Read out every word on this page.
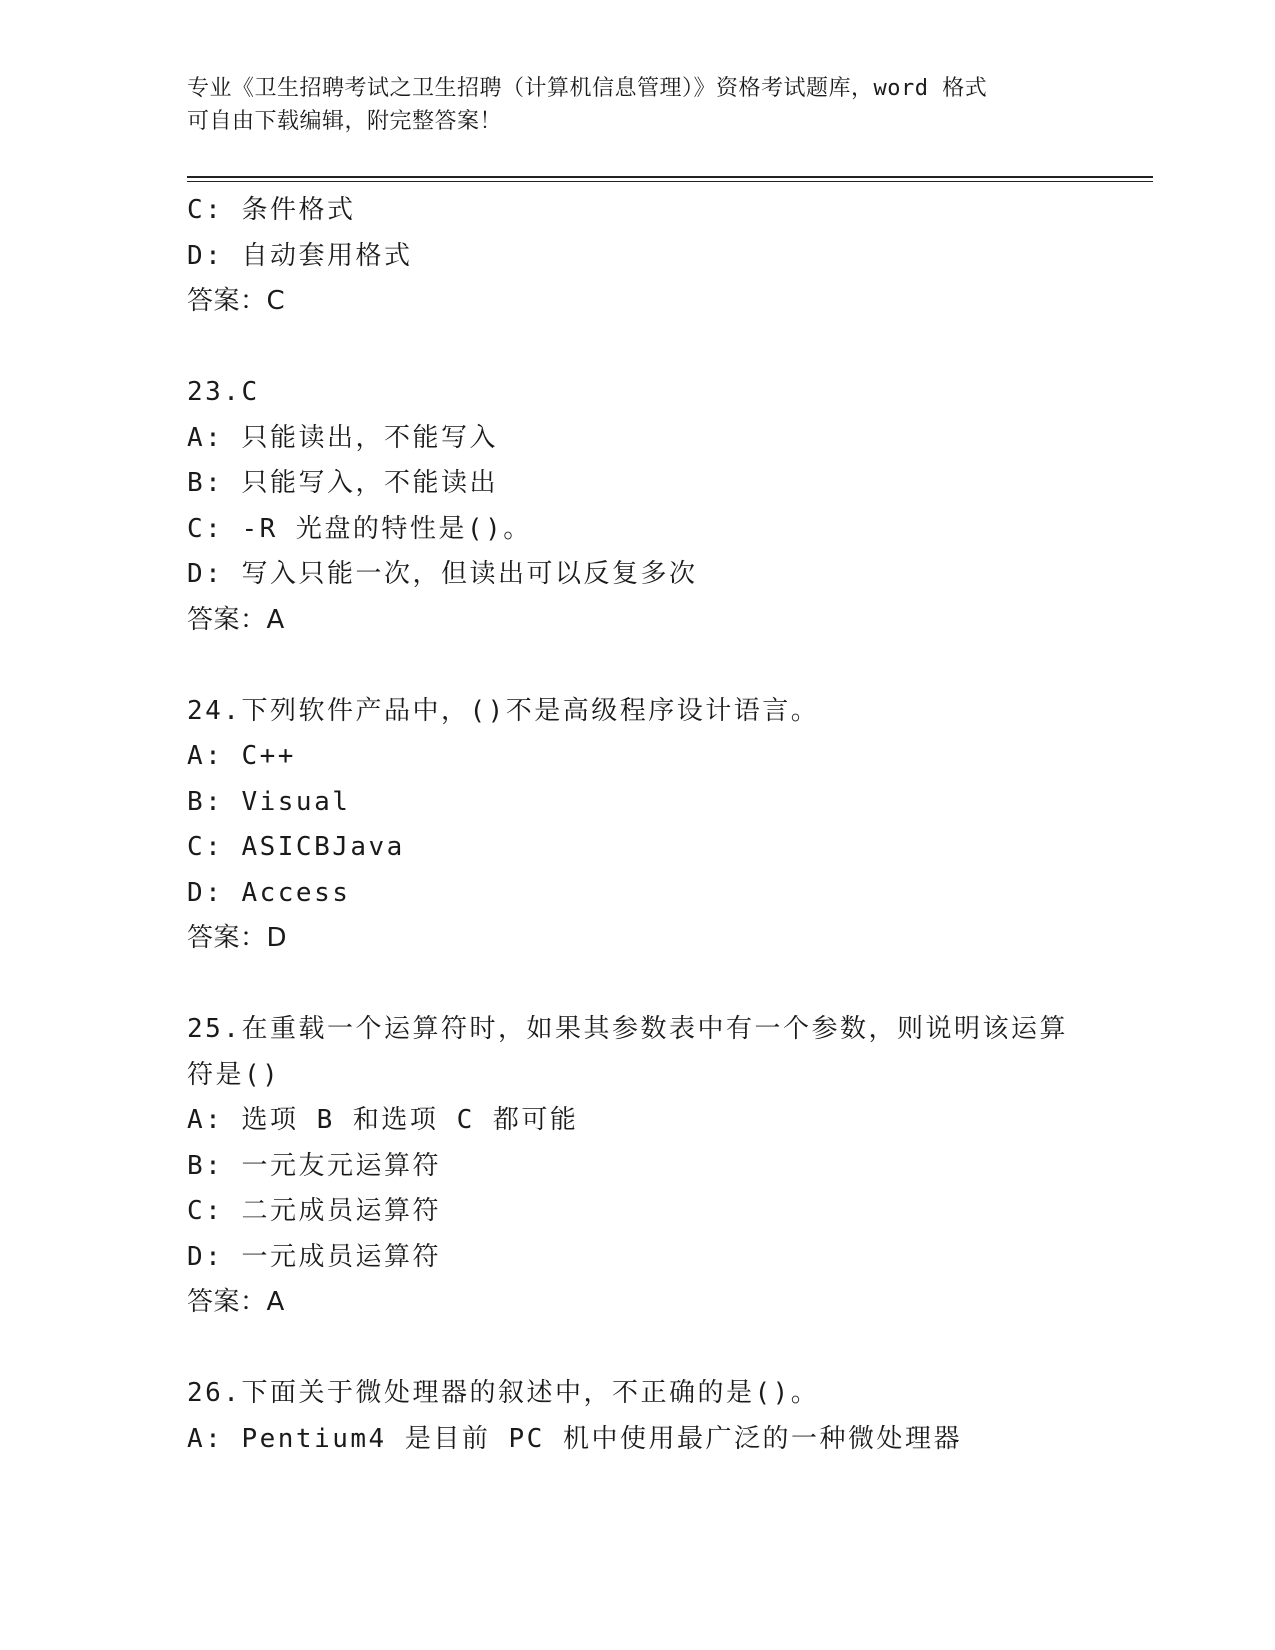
专业《卫生招聘考试之卫生招聘（计算机信息管理）》资格考试题库，word 格式
可自由下载编辑，附完整答案！
C: 条件格式
D: 自动套用格式
答案：C
23.C
A: 只能读出，不能写入
B: 只能写入，不能读出
C: -R 光盘的特性是()。
D: 写入只能一次，但读出可以反复多次
答案：A
24.下列软件产品中，()不是高级程序设计语言。
A: C++
B: Visual
C: ASICBJava
D: Access
答案：D
25.在重载一个运算符时，如果其参数表中有一个参数，则说明该运算
符是()
A: 选项 B 和选项 C 都可能
B: 一元友元运算符
C: 二元成员运算符
D: 一元成员运算符
答案：A
26.下面关于微处理器的叙述中，不正确的是()。
A: Pentium4 是目前 PC 机中使用最广泛的一种微处理器
